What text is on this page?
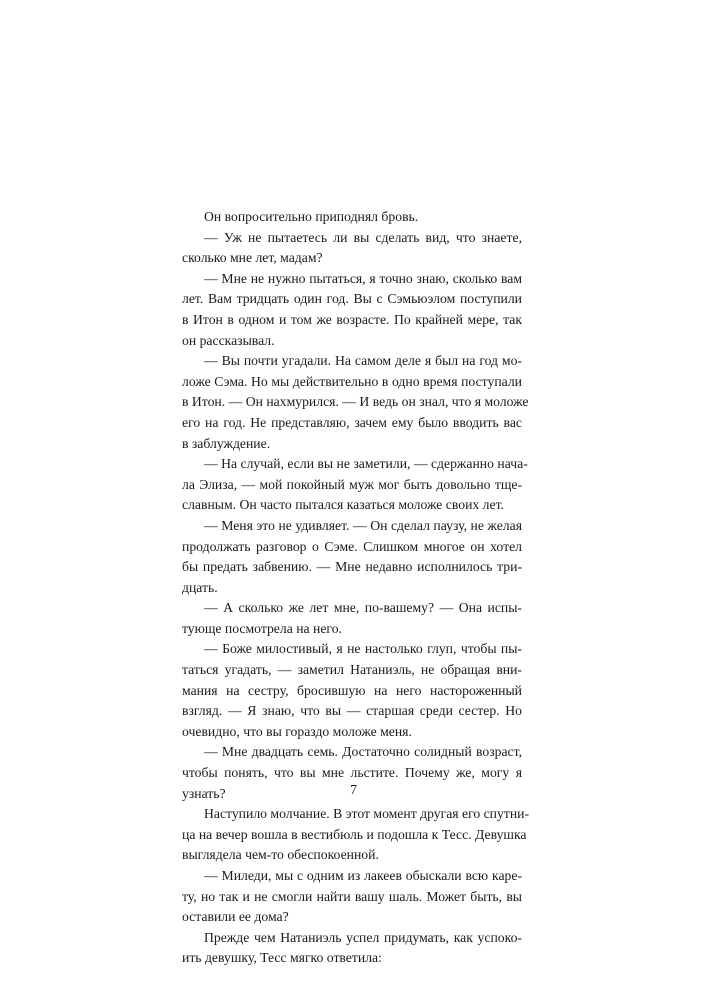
Он вопросительно приподнял бровь.
— Уж не пытаетесь ли вы сделать вид, что знаете,
сколько мне лет, мадам?
— Мне не нужно пытаться, я точно знаю, сколько вам
лет. Вам тридцать один год. Вы с Сэмьюэлом поступили
в Итон в одном и том же возрасте. По крайней мере, так
он рассказывал.
— Вы почти угадали. На самом деле я был на год мо-
ложе Сэма. Но мы действительно в одно время поступали
в Итон. — Он нахмурился. — И ведь он знал, что я моложе
его на год. Не представляю, зачем ему было вводить вас
в заблуждение.
— На случай, если вы не заметили, — сдержанно нача-
ла Элиза, — мой покойный муж мог быть довольно тще-
славным. Он часто пытался казаться моложе своих лет.
— Меня это не удивляет. — Он сделал паузу, не желая
продолжать разговор о Сэме. Слишком многое он хотел
бы предать забвению. — Мне недавно исполнилось три-
дцать.
— А сколько же лет мне, по-вашему? — Она испы-
тующе посмотрела на него.
— Боже милостивый, я не настолько глуп, чтобы пы-
таться угадать, — заметил Натаниэль, не обращая вни-
мания на сестру, бросившую на него настороженный
взгляд. — Я знаю, что вы — старшая среди сестер. Но
очевидно, что вы гораздо моложе меня.
— Мне двадцать семь. Достаточно солидный возраст,
чтобы понять, что вы мне льстите. Почему же, могу я
узнать?
Наступило молчание. В этот момент другая его спутни-
ца на вечер вошла в вестибюль и подошла к Тесс. Девушка
выглядела чем-то обеспокоенной.
— Миледи, мы с одним из лакеев обыскали всю каре-
ту, но так и не смогли найти вашу шаль. Может быть, вы
оставили ее дома?
Прежде чем Натаниэль успел придумать, как успоко-
ить девушку, Тесс мягко ответила:
7
